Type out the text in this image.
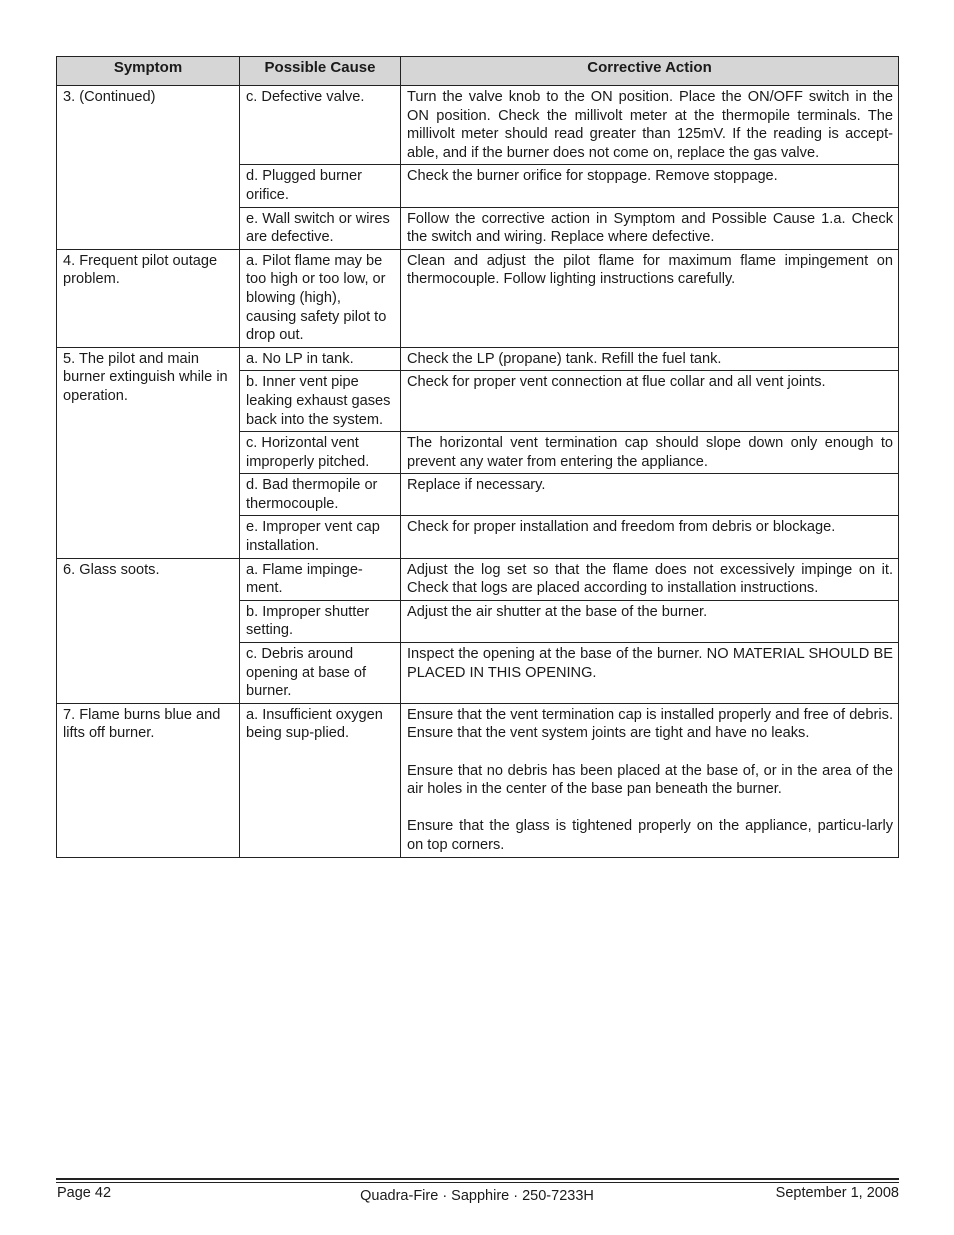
Symptom	Possible Cause	Corrective Action
3. (Continued)	c. Defective valve.	Turn the valve knob to the ON position. Place the ON/OFF switch in the ON position. Check the millivolt meter at the thermopile terminals. The millivolt meter should read greater than 125mV. If the reading is accept-able, and if the burner does not come on, replace the gas valve.

	d. Plugged burner orifice.	Check the burner orifice for stoppage. Remove stoppage.

	e. Wall switch or wires are defective.	Follow the corrective action in Symptom and Possible Cause 1.a. Check the switch and wiring. Replace where defective.

4. Frequent pilot outage problem.	a. Pilot flame may be too high or too low, or blowing (high), causing safety pilot to drop out.	Clean and adjust the pilot flame for maximum flame impingement on thermocouple. Follow lighting instructions carefully.

5. The pilot and main burner extinguish while in operation.	a. No LP in tank.	Check the LP (propane) tank. Refill the fuel tank.

	b. Inner vent pipe leaking exhaust gases back into the system.	Check for proper vent connection at flue collar and all vent joints.

	c. Horizontal vent improperly pitched.	The horizontal vent termination cap should slope down only enough to prevent any water from entering the appliance.

	d. Bad thermopile or thermocouple.	Replace if necessary.

	e. Improper vent cap installation.	Check for proper installation and freedom from debris or blockage.

6. Glass soots.	a. Flame impinge-ment.	Adjust the log set so that the flame does not excessively impinge on it. Check that logs are placed according to installation instructions.

	b. Improper shutter setting.	Adjust the air shutter at the base of the burner.

	c. Debris around opening at base of burner.	Inspect the opening at the base of the burner. NO MATERIAL SHOULD BE PLACED IN THIS OPENING.

7. Flame burns blue and lifts off burner.	a. Insufficient oxygen being sup-plied.	Ensure that the vent termination cap is installed properly and free of debris. Ensure that the vent system joints are tight and have no leaks.

Ensure that no debris has been placed at the base of, or in the area of the air holes in the center of the base pan beneath the burner.

Ensure that the glass is tightened properly on the appliance, particu-larly on top corners.

Page 42	Quadra-Fire · Sapphire · 250-7233H	September 1, 2008
